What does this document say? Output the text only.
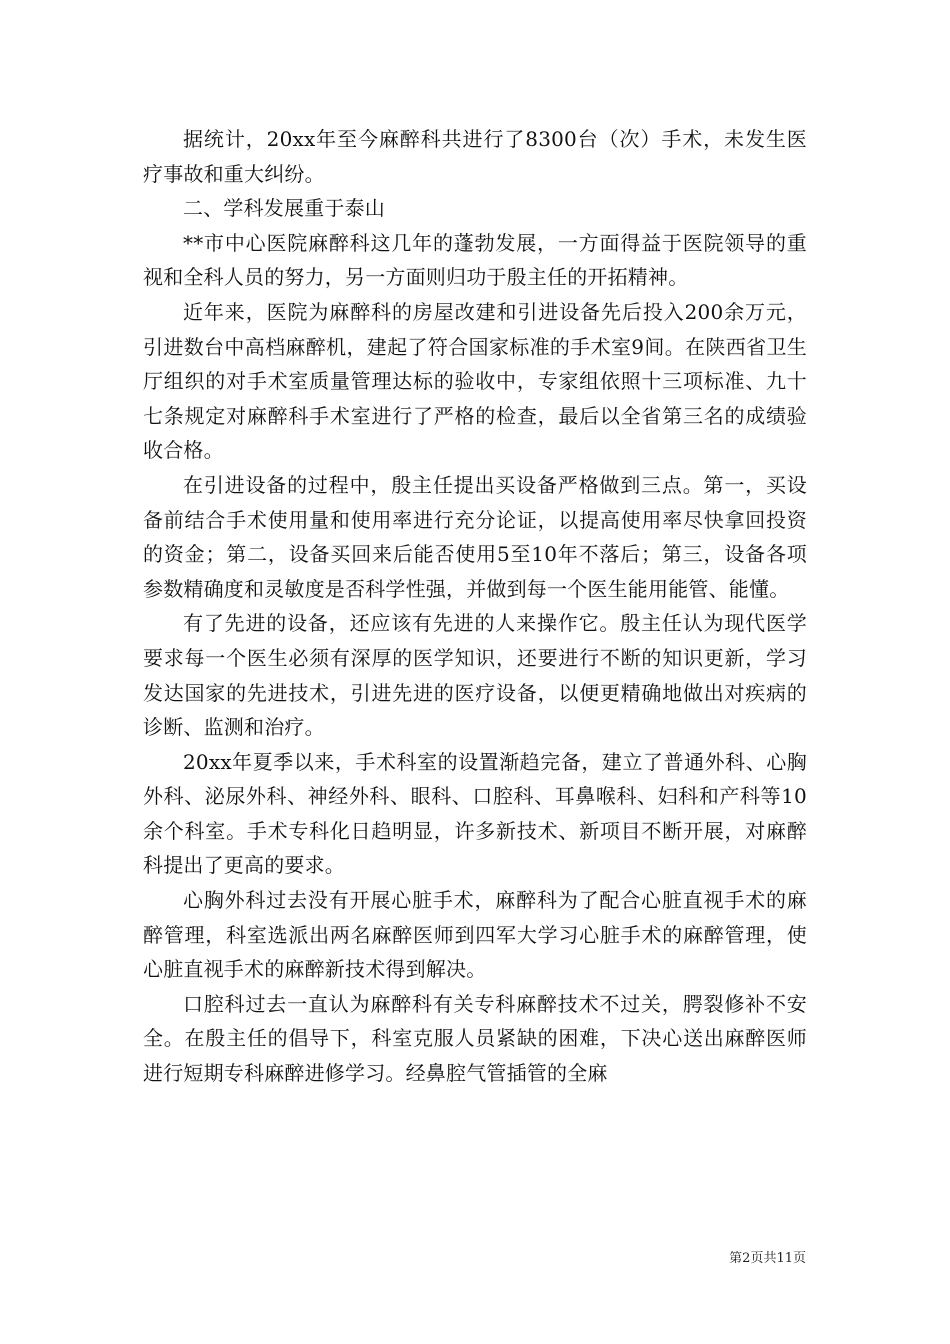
据统计，20xx年至今麻醉科共进行了8300台（次）手术，未发生医疗事故和重大纠纷。

二、学科发展重于泰山

**市中心医院麻醉科这几年的蓬勃发展，一方面得益于医院领导的重视和全科人员的努力，另一方面则归功于殷主任的开拓精神。

近年来，医院为麻醉科的房屋改建和引进设备先后投入200余万元，引进数台中高档麻醉机，建起了符合国家标准的手术室9间。在陕西省卫生厅组织的对手术室质量管理达标的验收中，专家组依照十三项标准、九十七条规定对麻醉科手术室进行了严格的检查，最后以全省第三名的成绩验收合格。

在引进设备的过程中，殷主任提出买设备严格做到三点。第一，买设备前结合手术使用量和使用率进行充分论证，以提高使用率尽快拿回投资的资金；第二，设备买回来后能否使用5至10年不落后；第三，设备各项参数精确度和灵敏度是否科学性强，并做到每一个医生能用能管、能懂。

有了先进的设备，还应该有先进的人来操作它。殷主任认为现代医学要求每一个医生必须有深厚的医学知识，还要进行不断的知识更新，学习发达国家的先进技术，引进先进的医疗设备，以便更精确地做出对疾病的诊断、监测和治疗。

20xx年夏季以来，手术科室的设置渐趋完备，建立了普通外科、心胸外科、泌尿外科、神经外科、眼科、口腔科、耳鼻喉科、妇科和产科等10余个科室。手术专科化日趋明显，许多新技术、新项目不断开展，对麻醉科提出了更高的要求。

心胸外科过去没有开展心脏手术，麻醉科为了配合心脏直视手术的麻醉管理，科室选派出两名麻醉医师到四军大学习心脏手术的麻醉管理，使心脏直视手术的麻醉新技术得到解决。

口腔科过去一直认为麻醉科有关专科麻醉技术不过关，腭裂修补不安全。在殷主任的倡导下，科室克服人员紧缺的困难，下决心送出麻醉医师进行短期专科麻醉进修学习。经鼻腔气管插管的全麻

第2页共11页
